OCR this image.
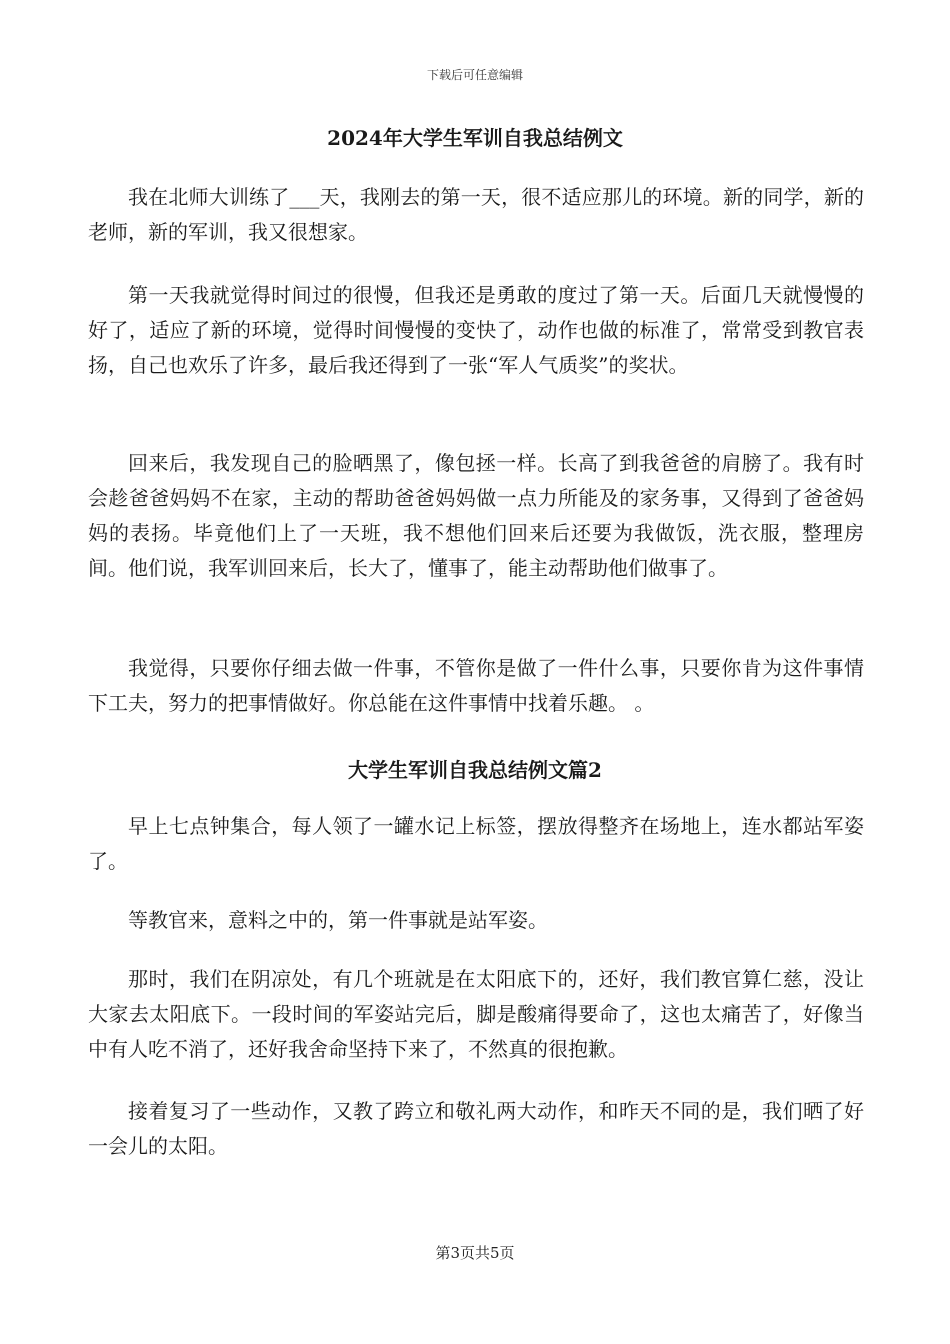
下载后可任意编辑
2024年大学生军训自我总结例文

我在北师大训练了___天，我刚去的第一天，很不适应那儿的环境。新的同学，新的老师，新的军训，我又很想家。

第一天我就觉得时间过的很慢，但我还是勇敢的度过了第一天。后面几天就慢慢的好了，适应了新的环境，觉得时间慢慢的变快了，动作也做的标准了，常常受到教官表扬，自己也欢乐了许多，最后我还得到了一张“军人气质奖”的奖状。

回来后，我发现自己的脸晒黑了，像包拯一样。长高了到我爸爸的肩膀了。我有时会趁爸爸妈妈不在家，主动的帮助爸爸妈妈做一点力所能及的家务事，又得到了爸爸妈妈的表扬。毕竟他们上了一天班，我不想他们回来后还要为我做饭，洗衣服，整理房间。他们说，我军训回来后，长大了，懂事了，能主动帮助他们做事了。

我觉得，只要你仔细去做一件事，不管你是做了一件什么事，只要你肯为这件事情下工夫，努力的把事情做好。你总能在这件事情中找着乐趣。 。

大学生军训自我总结例文篇2

早上七点钟集合，每人领了一罐水记上标签，摆放得整齐在场地上，连水都站军姿了。

等教官来，意料之中的，第一件事就是站军姿。

那时，我们在阴凉处，有几个班就是在太阳底下的，还好，我们教官算仁慈，没让大家去太阳底下。一段时间的军姿站完后，脚是酸痛得要命了，这也太痛苦了，好像当中有人吃不消了，还好我舍命坚持下来了，不然真的很抱歉。

接着复习了一些动作，又教了跨立和敬礼两大动作，和昨天不同的是，我们晒了好一会儿的太阳。

第3页共5页
